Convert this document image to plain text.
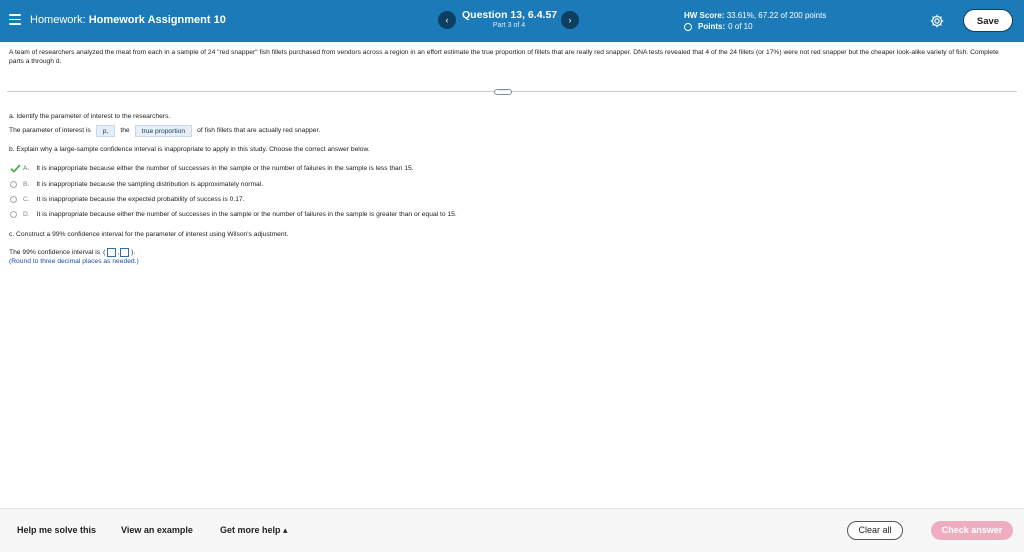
Homework: Homework Assignment 10	‹	Question 13, 6.4.57
Part 3 of 4
›	HW Score: 33.61%, 67.22 of 200 points
Points: 0 of 10	Save
A team of researchers analyzed the meat from each in a sample of 24 "red snapper" fish fillets purchased from vendors across a region in an effort estimate the true proportion of fillets that are really red snapper. DNA tests revealed that 4 of the 24 fillets (or 17%) were not red snapper but the cheaper look-alike variety of fish. Complete parts a through d.
·····
a. Identify the parameter of interest to the researchers.
The parameter of interest is	p,	the	true proportion	of fish fillets that are actually red snapper.
b. Explain why a large-sample confidence interval is inappropriate to apply in this study. Choose the correct answer below.
A. It is inappropriate because either the number of successes in the sample or the number of failures in the sample is less than 15.
B. It is inappropriate because the sampling distribution is approximately normal.
C. It is inappropriate because the expected probability of success is 0.17.
D. It is inappropriate because either the number of successes in the sample or the number of failures in the sample is greater than or equal to 15.
c. Construct a 99% confidence interval for the parameter of interest using Wilson's adjustment.
The 99% confidence interval is ( , ).
(Round to three decimal places as needed.)
Help me solve this	View an example	Get more help ▴	Clear all	Check answer
